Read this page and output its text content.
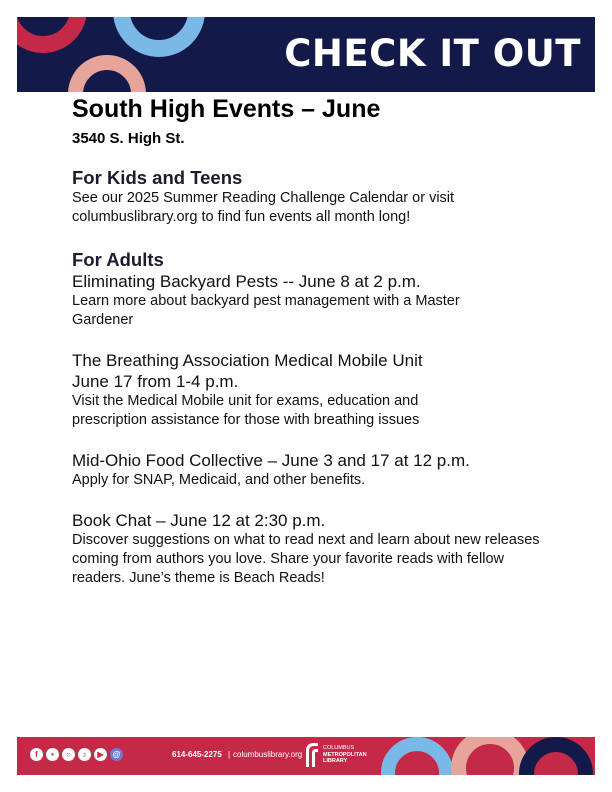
CHECK IT OUT
South High Events – June
3540 S. High St.
For Kids and Teens
See our 2025 Summer Reading Challenge Calendar or visit columbuslibrary.org to find fun events all month long!
For Adults
Eliminating Backyard Pests -- June 8 at 2 p.m.
Learn more about backyard pest management with a Master Gardener
The Breathing Association Medical Mobile Unit
June 17 from 1-4 p.m.
Visit the Medical Mobile unit for exams, education and prescription assistance for those with breathing issues
Mid-Ohio Food Collective – June 3 and 17 at 12 p.m.
Apply for SNAP, Medicaid, and other benefits.
Book Chat – June 12 at 2:30 p.m.
Discover suggestions on what to read next and learn about new releases coming from authors you love. Share your favorite reads with fellow readers. June’s theme is Beach Reads!
f	•	○	♪	▶	@	614-645-2275 | columbuslibrary.org
COLUMBUS
METROPOLITAN
LIBRARY
